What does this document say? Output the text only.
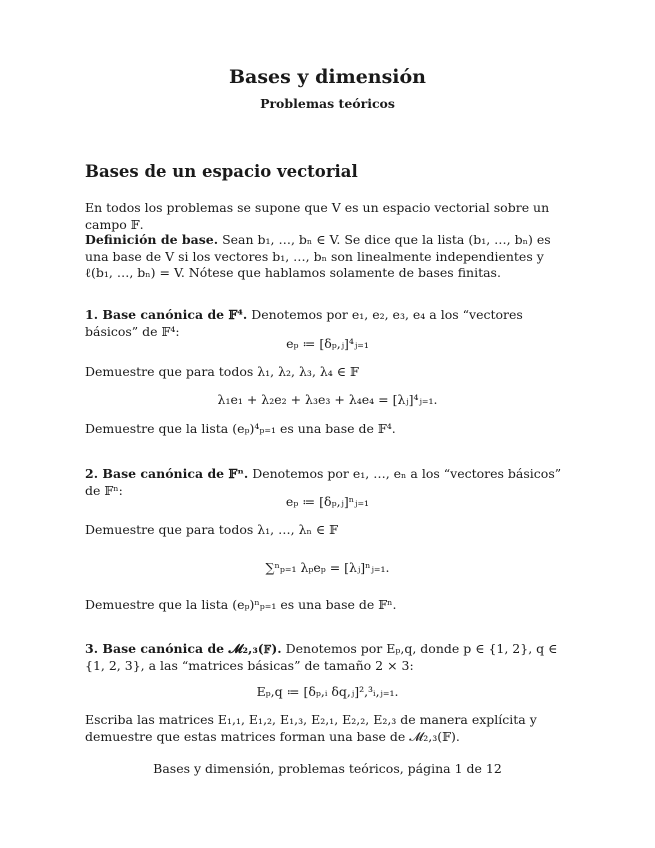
Bases y dimensión
Problemas teóricos
Bases de un espacio vectorial
En todos los problemas se supone que V es un espacio vectorial sobre un campo 𝔽.
Definición de base. Sean b₁, …, bₙ ∈ V. Se dice que la lista (b₁, …, bₙ) es una base de V si los vectores b₁, …, bₙ son linealmente independientes y ℓ(b₁, …, bₙ) = V. Nótese que hablamos solamente de bases finitas.
1. Base canónica de 𝔽⁴. Denotemos por e₁, e₂, e₃, e₄ a los “vectores básicos” de 𝔽⁴:
eₚ ≔ [δₚ,ⱼ]⁴ⱼ₌₁
Demuestre que para todos λ₁, λ₂, λ₃, λ₄ ∈ 𝔽
λ₁e₁ + λ₂e₂ + λ₃e₃ + λ₄e₄ = [λⱼ]⁴ⱼ₌₁.
Demuestre que la lista (eₚ)⁴ₚ₌₁ es una base de 𝔽⁴.
2. Base canónica de 𝔽ⁿ. Denotemos por e₁, …, eₙ a los “vectores básicos” de 𝔽ⁿ:
eₚ ≔ [δₚ,ⱼ]ⁿⱼ₌₁
Demuestre que para todos λ₁, …, λₙ ∈ 𝔽
∑ⁿₚ₌₁ λₚeₚ = [λⱼ]ⁿⱼ₌₁.
Demuestre que la lista (eₚ)ⁿₚ₌₁ es una base de 𝔽ⁿ.
3. Base canónica de 𝓜₂,₃(𝔽). Denotemos por Eₚ,q, donde p ∈ {1, 2}, q ∈ {1, 2, 3}, a las “matrices básicas” de tamaño 2 × 3:
Eₚ,q ≔ [δₚ,ᵢ δq,ⱼ]²,³ᵢ,ⱼ₌₁.
Escriba las matrices E₁,₁, E₁,₂, E₁,₃, E₂,₁, E₂,₂, E₂,₃ de manera explícita y demuestre que estas matrices forman una base de 𝓜₂,₃(𝔽).
Bases y dimensión, problemas teóricos, página 1 de 12
